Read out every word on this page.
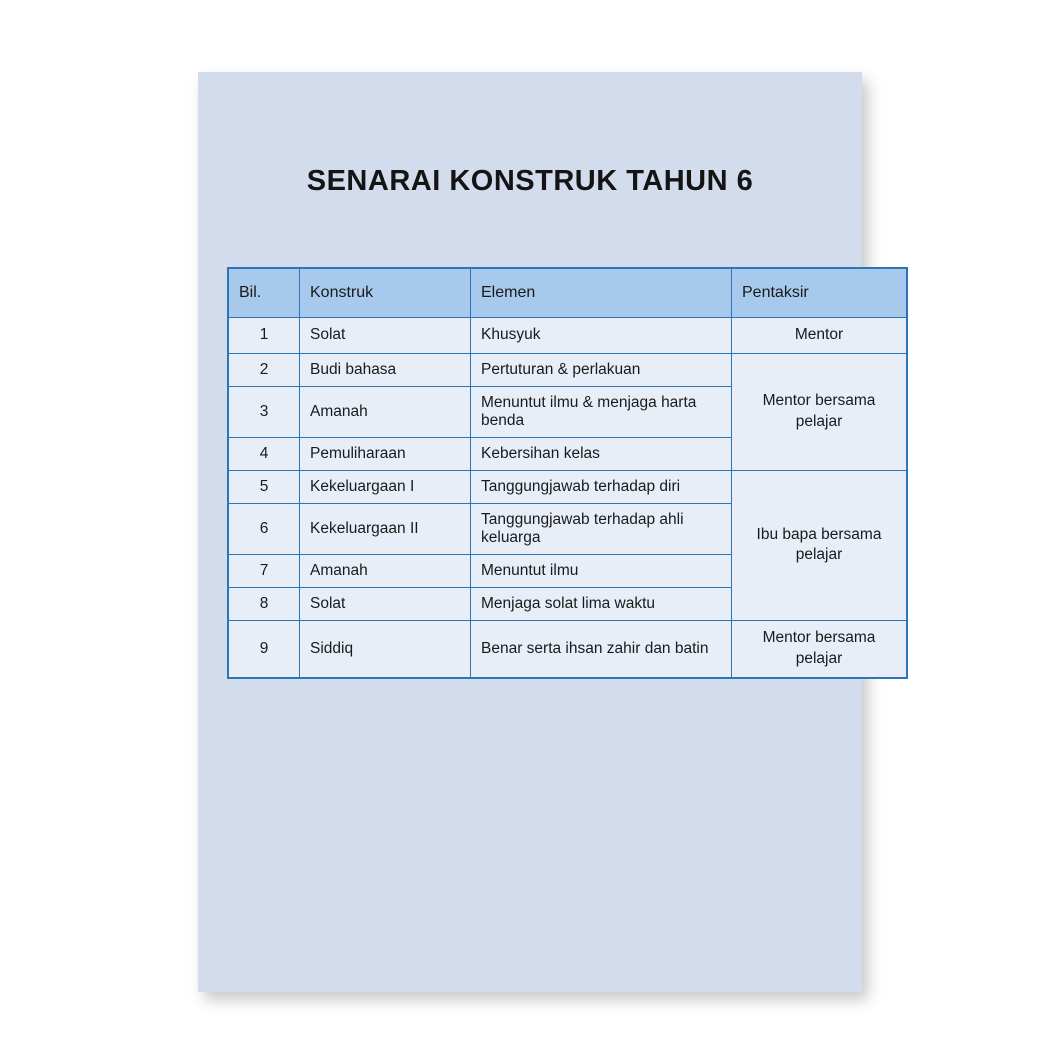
SENARAI KONSTRUK TAHUN 6
Bil.	Konstruk	Elemen	Pentaksir
1	Solat	Khusyuk	Mentor
2	Budi bahasa	Pertuturan & perlakuan	Mentor bersama pelajar
3	Amanah	Menuntut ilmu & menjaga harta benda	
4	Pemuliharaan	Kebersihan kelas	
5	Kekeluargaan I	Tanggungjawab terhadap diri	Ibu bapa bersama pelajar
6	Kekeluargaan II	Tanggungjawab terhadap ahli keluarga	
7	Amanah	Menuntut ilmu	
8	Solat	Menjaga solat lima waktu	
9	Siddiq	Benar serta ihsan zahir dan batin	Mentor bersama pelajar
